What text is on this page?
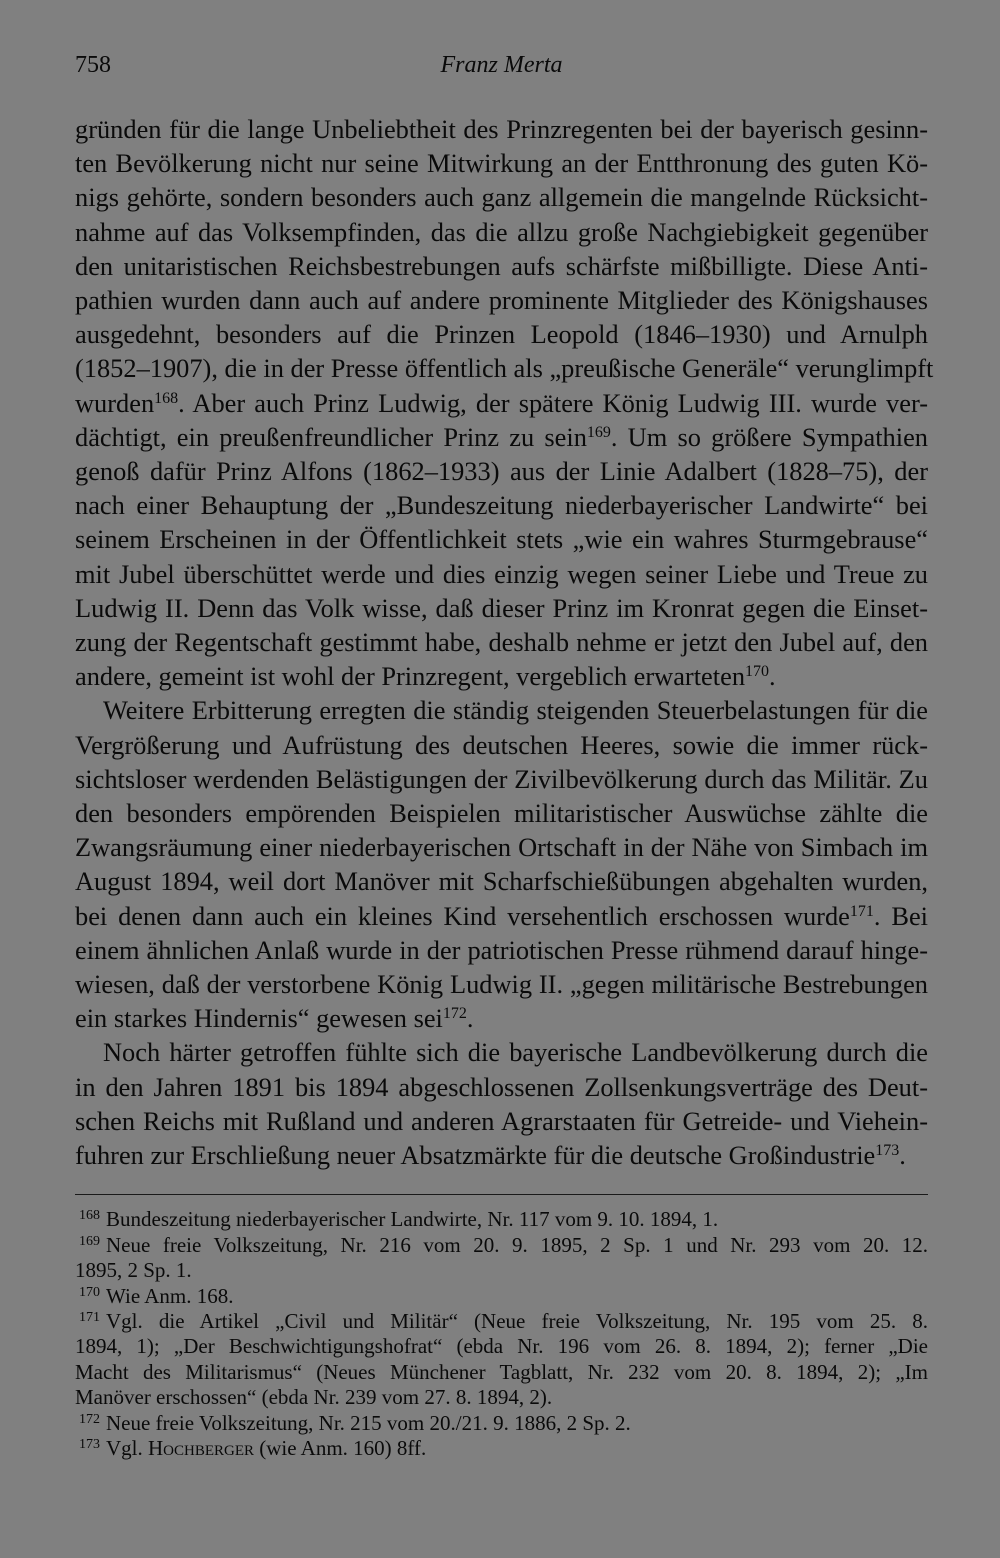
758	Franz Merta
gründen für die lange Unbeliebtheit des Prinzregenten bei der bayerisch gesinn-
ten Bevölkerung nicht nur seine Mitwirkung an der Entthronung des guten Kö-
nigs gehörte, sondern besonders auch ganz allgemein die mangelnde Rücksicht-
nahme auf das Volksempfinden, das die allzu große Nachgiebigkeit gegenüber
den unitaristischen Reichsbestrebungen aufs schärfste mißbilligte. Diese Anti-
pathien wurden dann auch auf andere prominente Mitglieder des Königshauses
ausgedehnt, besonders auf die Prinzen Leopold (1846–1930) und Arnulph
(1852–1907), die in der Presse öffentlich als „preußische Generäle“ verunglimpft
wurden$^{168}$. Aber auch Prinz Ludwig, der spätere König Ludwig III. wurde ver-
dächtigt, ein preußenfreundlicher Prinz zu sein$^{169}$. Um so größere Sympathien
genoß dafür Prinz Alfons (1862–1933) aus der Linie Adalbert (1828–75), der
nach einer Behauptung der „Bundeszeitung niederbayerischer Landwirte“ bei
seinem Erscheinen in der Öffentlichkeit stets „wie ein wahres Sturmgebrause“
mit Jubel überschüttet werde und dies einzig wegen seiner Liebe und Treue zu
Ludwig II. Denn das Volk wisse, daß dieser Prinz im Kronrat gegen die Einset-
zung der Regentschaft gestimmt habe, deshalb nehme er jetzt den Jubel auf, den
andere, gemeint ist wohl der Prinzregent, vergeblich erwarteten$^{170}$.
Weitere Erbitterung erregten die ständig steigenden Steuerbelastungen für die
Vergrößerung und Aufrüstung des deutschen Heeres, sowie die immer rück-
sichtsloser werdenden Belästigungen der Zivilbevölkerung durch das Militär. Zu
den besonders empörenden Beispielen militaristischer Auswüchse zählte die
Zwangsräumung einer niederbayerischen Ortschaft in der Nähe von Simbach im
August 1894, weil dort Manöver mit Scharfschießübungen abgehalten wurden,
bei denen dann auch ein kleines Kind versehentlich erschossen wurde$^{171}$. Bei
einem ähnlichen Anlaß wurde in der patriotischen Presse rühmend darauf hinge-
wiesen, daß der verstorbene König Ludwig II. „gegen militärische Bestrebungen
ein starkes Hindernis“ gewesen sei$^{172}$.
Noch härter getroffen fühlte sich die bayerische Landbevölkerung durch die
in den Jahren 1891 bis 1894 abgeschlossenen Zollsenkungsverträge des Deut-
schen Reichs mit Rußland und anderen Agrarstaaten für Getreide- und Viehein-
fuhren zur Erschließung neuer Absatzmärkte für die deutsche Großindustrie$^{173}$.
$^{168}$ Bundeszeitung niederbayerischer Landwirte, Nr. 117 vom 9. 10. 1894, 1.
$^{169}$ Neue freie Volkszeitung, Nr. 216 vom 20. 9. 1895, 2 Sp. 1 und Nr. 293 vom 20. 12.
1895, 2 Sp. 1.
$^{170}$ Wie Anm. 168.
$^{171}$ Vgl. die Artikel „Civil und Militär“ (Neue freie Volkszeitung, Nr. 195 vom 25. 8.
1894, 1); „Der Beschwichtigungshofrat“ (ebda Nr. 196 vom 26. 8. 1894, 2); ferner „Die
Macht des Militarismus“ (Neues Münchener Tagblatt, Nr. 232 vom 20. 8. 1894, 2); „Im
Manöver erschossen“ (ebda Nr. 239 vom 27. 8. 1894, 2).
$^{172}$ Neue freie Volkszeitung, Nr. 215 vom 20./21. 9. 1886, 2 Sp. 2.
$^{173}$ Vgl. Hochberger (wie Anm. 160) 8ff.
